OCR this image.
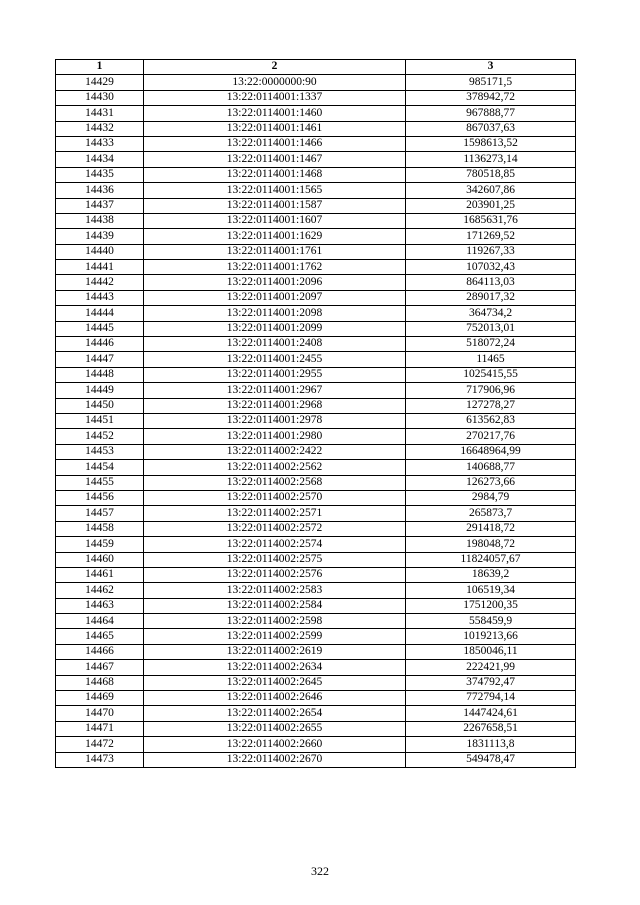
1	2	3
14429	13:22:0000000:90	985171,5
14430	13:22:0114001:1337	378942,72
14431	13:22:0114001:1460	967888,77
14432	13:22:0114001:1461	867037,63
14433	13:22:0114001:1466	1598613,52
14434	13:22:0114001:1467	1136273,14
14435	13:22:0114001:1468	780518,85
14436	13:22:0114001:1565	342607,86
14437	13:22:0114001:1587	203901,25
14438	13:22:0114001:1607	1685631,76
14439	13:22:0114001:1629	171269,52
14440	13:22:0114001:1761	119267,33
14441	13:22:0114001:1762	107032,43
14442	13:22:0114001:2096	864113,03
14443	13:22:0114001:2097	289017,32
14444	13:22:0114001:2098	364734,2
14445	13:22:0114001:2099	752013,01
14446	13:22:0114001:2408	518072,24
14447	13:22:0114001:2455	11465
14448	13:22:0114001:2955	1025415,55
14449	13:22:0114001:2967	717906,96
14450	13:22:0114001:2968	127278,27
14451	13:22:0114001:2978	613562,83
14452	13:22:0114001:2980	270217,76
14453	13:22:0114002:2422	16648964,99
14454	13:22:0114002:2562	140688,77
14455	13:22:0114002:2568	126273,66
14456	13:22:0114002:2570	2984,79
14457	13:22:0114002:2571	265873,7
14458	13:22:0114002:2572	291418,72
14459	13:22:0114002:2574	198048,72
14460	13:22:0114002:2575	11824057,67
14461	13:22:0114002:2576	18639,2
14462	13:22:0114002:2583	106519,34
14463	13:22:0114002:2584	1751200,35
14464	13:22:0114002:2598	558459,9
14465	13:22:0114002:2599	1019213,66
14466	13:22:0114002:2619	1850046,11
14467	13:22:0114002:2634	222421,99
14468	13:22:0114002:2645	374792,47
14469	13:22:0114002:2646	772794,14
14470	13:22:0114002:2654	1447424,61
14471	13:22:0114002:2655	2267658,51
14472	13:22:0114002:2660	1831113,8
14473	13:22:0114002:2670	549478,47
322
